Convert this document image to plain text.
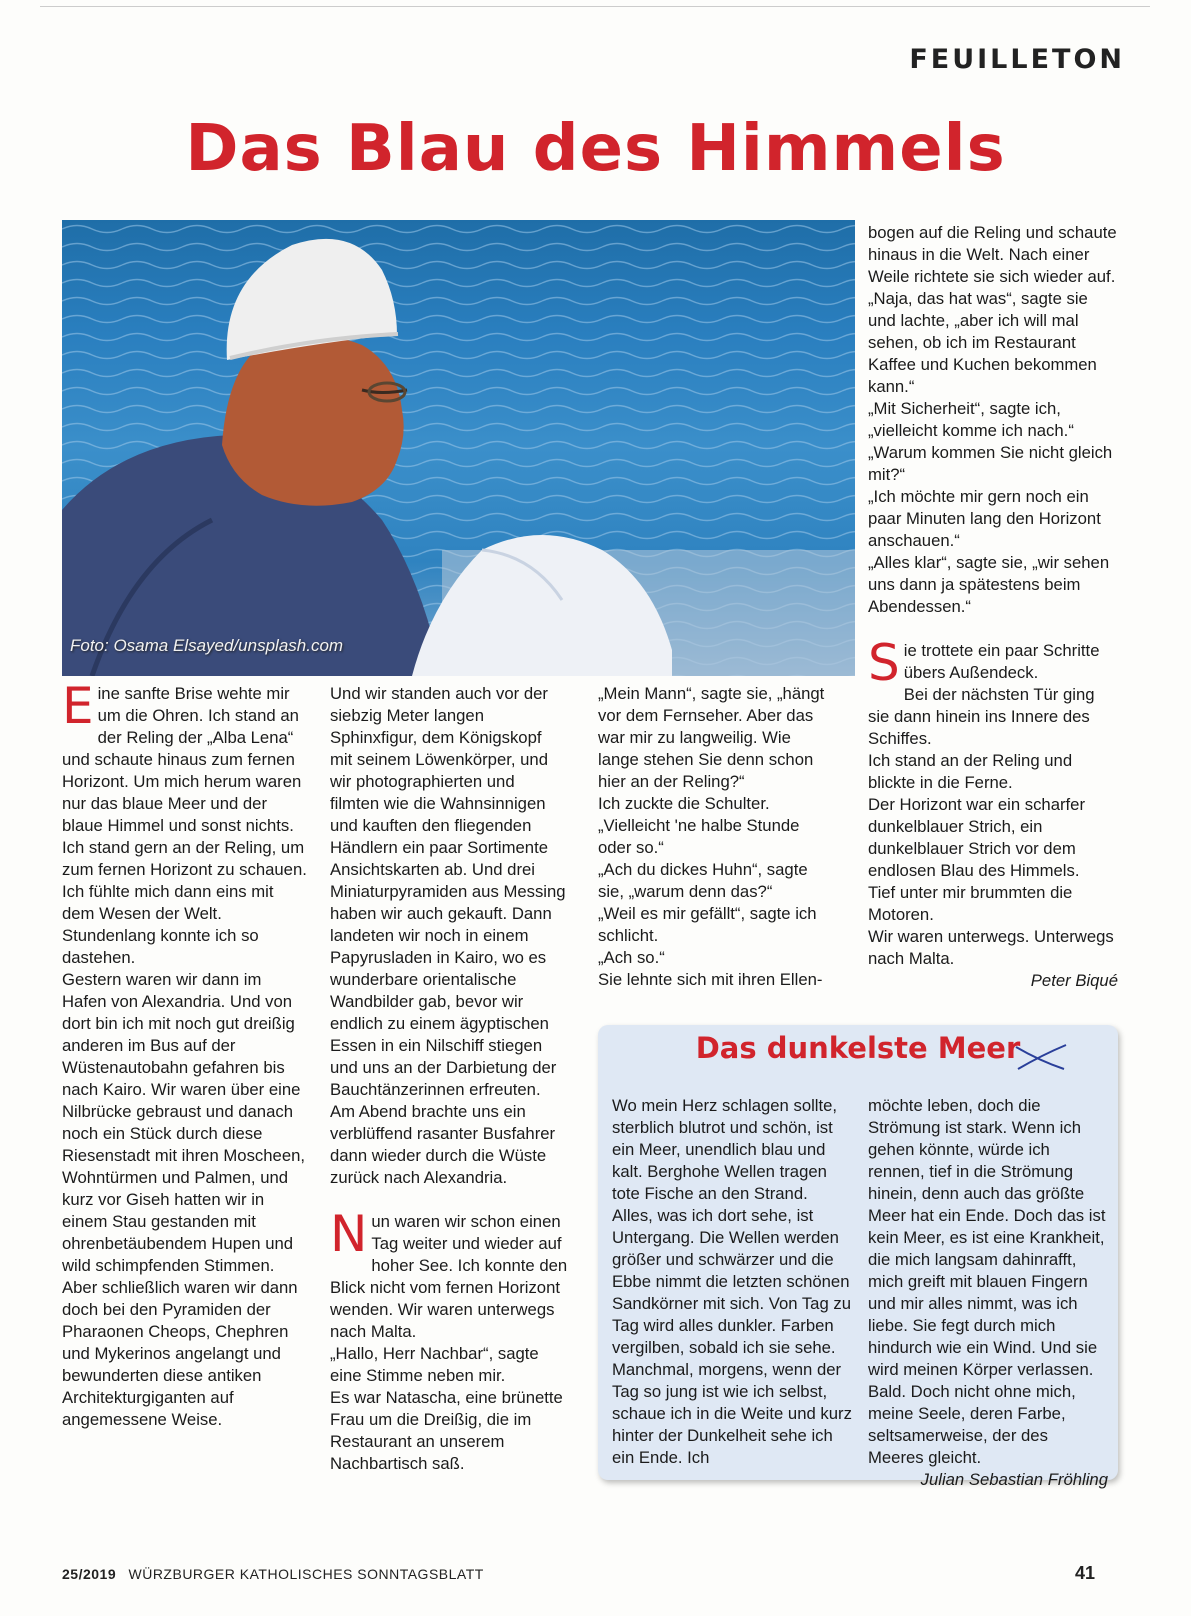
FEUILLETON
Das Blau des Himmels
Foto: Osama Elsayed/unsplash.com
E ine sanfte Brise wehte mir um die Ohren. Ich stand an der Reling der „Alba Lena“ und schaute hinaus zum fernen Horizont. Um mich herum waren nur das blaue Meer und der blaue Himmel und sonst nichts.

Ich stand gern an der Reling, um zum fernen Horizont zu schauen. Ich fühlte mich dann eins mit dem Wesen der Welt. Stundenlang konnte ich so dastehen.

Gestern waren wir dann im Hafen von Alexandria. Und von dort bin ich mit noch gut dreißig anderen im Bus auf der Wüstenautobahn gefahren bis nach Kairo. Wir waren über eine Nilbrücke gebraust und danach noch ein Stück durch diese Riesenstadt mit ihren Moscheen, Wohntürmen und Palmen, und kurz vor Giseh hatten wir in einem Stau gestanden mit ohrenbetäubendem Hupen und wild schimpfenden Stimmen. Aber schließlich waren wir dann doch bei den Pyramiden der Pharaonen Cheops, Chephren und Mykerinos angelangt und bewunderten diese antiken Architekturgiganten auf angemessene Weise.

Und wir standen auch vor der siebzig Meter langen Sphinxfigur, dem Königskopf mit seinem Löwenkörper, und wir photographierten und filmten wie die Wahnsinnigen und kauften den fliegenden Händlern ein paar Sortimente Ansichtskarten ab. Und drei Miniaturpyramiden aus Messing haben wir auch gekauft. Dann landeten wir noch in einem Papyrusladen in Kairo, wo es wunderbare orientalische Wandbilder gab, bevor wir endlich zu einem ägyptischen Essen in ein Nilschiff stiegen und uns an der Darbietung der Bauchtänzerinnen erfreuten. Am Abend brachte uns ein verblüffend rasanter Busfahrer dann wieder durch die Wüste zurück nach Alexandria.

N un waren wir schon einen Tag weiter und wieder auf hoher See. Ich konnte den Blick nicht vom fernen Horizont wenden. Wir waren unterwegs nach Malta.

„Hallo, Herr Nachbar“, sagte eine Stimme neben mir.

Es war Natascha, eine brünette Frau um die Dreißig, die im Restaurant an unserem Nachbartisch saß.

„Mein Mann“, sagte sie, „hängt vor dem Fernseher. Aber das war mir zu langweilig. Wie lange stehen Sie denn schon hier an der Reling?“

Ich zuckte die Schulter.

„Vielleicht 'ne halbe Stunde oder so.“

„Ach du dickes Huhn“, sagte sie, „warum denn das?“

„Weil es mir gefällt“, sagte ich schlicht.

„Ach so.“

Sie lehnte sich mit ihren Ellen-

bogen auf die Reling und schaute hinaus in die Welt. Nach einer Weile richtete sie sich wieder auf.

„Naja, das hat was“, sagte sie und lachte, „aber ich will mal sehen, ob ich im Restaurant Kaffee und Kuchen bekommen kann.“

„Mit Sicherheit“, sagte ich, „vielleicht komme ich nach.“

„Warum kommen Sie nicht gleich mit?“

„Ich möchte mir gern noch ein paar Minuten lang den Horizont anschauen.“

„Alles klar“, sagte sie, „wir sehen uns dann ja spätestens beim Abendessen.“

S ie trottete ein paar Schritte übers Außendeck.

Bei der nächsten Tür ging sie dann hinein ins Innere des Schiffes.

Ich stand an der Reling und blickte in die Ferne.

Der Horizont war ein scharfer dunkelblauer Strich, ein dunkelblauer Strich vor dem endlosen Blau des Himmels.

Tief unter mir brummten die Motoren.

Wir waren unterwegs. Unterwegs nach Malta.

Peter Biqué

Das dunkelste Meer

Wo mein Herz schlagen sollte, sterblich blutrot und schön, ist ein Meer, unendlich blau und kalt. Berghohe Wellen tragen tote Fische an den Strand. Alles, was ich dort sehe, ist Untergang. Die Wellen werden größer und schwärzer und die Ebbe nimmt die letzten schönen Sandkörner mit sich. Von Tag zu Tag wird alles dunkler. Farben vergilben, sobald ich sie sehe. Manchmal, morgens, wenn der Tag so jung ist wie ich selbst, schaue ich in die Weite und kurz hinter der Dunkelheit sehe ich ein Ende. Ich

möchte leben, doch die Strömung ist stark. Wenn ich gehen könnte, würde ich rennen, tief in die Strömung hinein, denn auch das größte Meer hat ein Ende. Doch das ist kein Meer, es ist eine Krankheit, die mich langsam dahinrafft, mich greift mit blauen Fingern und mir alles nimmt, was ich liebe. Sie fegt durch mich hindurch wie ein Wind. Und sie wird meinen Körper verlassen. Bald. Doch nicht ohne mich, meine Seele, deren Farbe, seltsamerweise, der des Meeres gleicht.

Julian Sebastian Fröhling

25/2019 WÜRZBURGER KATHOLISCHES SONNTAGSBLATT	41
